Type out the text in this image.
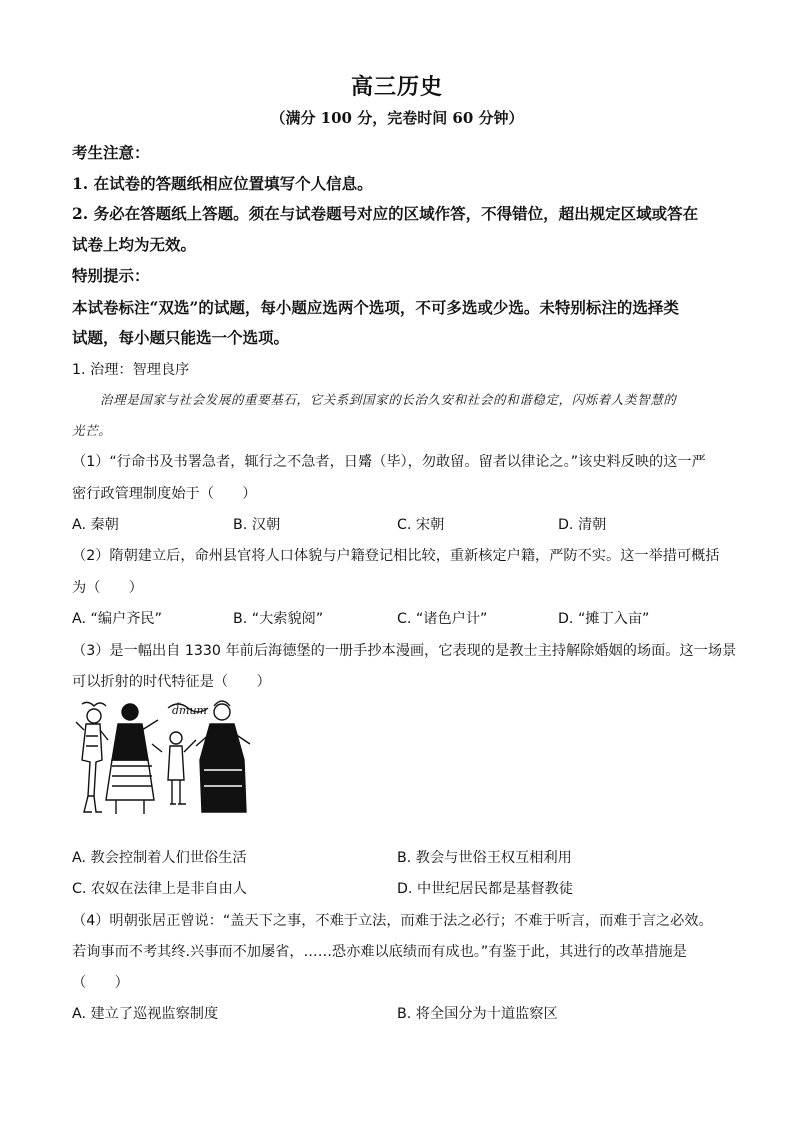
高三历史
（满分 100 分，完卷时间 60 分钟）
考生注意：
1. 在试卷的答题纸相应位置填写个人信息。
2. 务必在答题纸上答题。须在与试卷题号对应的区域作答，不得错位，超出规定区域或答在
试卷上均为无效。
特别提示：
本试卷标注“双选”的试题，每小题应选两个选项，不可多选或少选。未特别标注的选择类
试题，每小题只能选一个选项。
1. 治理：智理良序
治理是国家与社会发展的重要基石，它关系到国家的长治久安和社会的和谐稳定，闪烁着人类智慧的
光芒。
（1）“行命书及书署急者，辄行之不急者，日觱（毕），勿敢留。留者以律论之。”该史料反映的这一严
密行政管理制度始于（　　）
A. 秦朝	B. 汉朝	C. 宋朝	D. 清朝
（2）隋朝建立后，命州县官将人口体貌与户籍登记相比较，重新核定户籍，严防不实。这一举措可概括
为（　　）
A. “编户齐民”	B. “大索貌阅”	C. “诸色户计”	D. “摊丁入亩”
（3）是一幅出自 1330 年前后海德堡的一册手抄本漫画，它表现的是教士主持解除婚姻的场面。这一场景
可以折射的时代特征是（　　）
d̃mum
A. 教会控制着人们世俗生活	B. 教会与世俗王权互相利用
C. 农奴在法律上是非自由人	D. 中世纪居民都是基督教徒
（4）明朝张居正曾说：“盖天下之事，不难于立法，而难于法之必行；不难于听言，而难于言之必效。
若询事而不考其终.兴事而不加屡省，……恐亦难以底绩而有成也。”有鉴于此，其进行的改革措施是
（　　）
A. 建立了巡视监察制度	B. 将全国分为十道监察区
